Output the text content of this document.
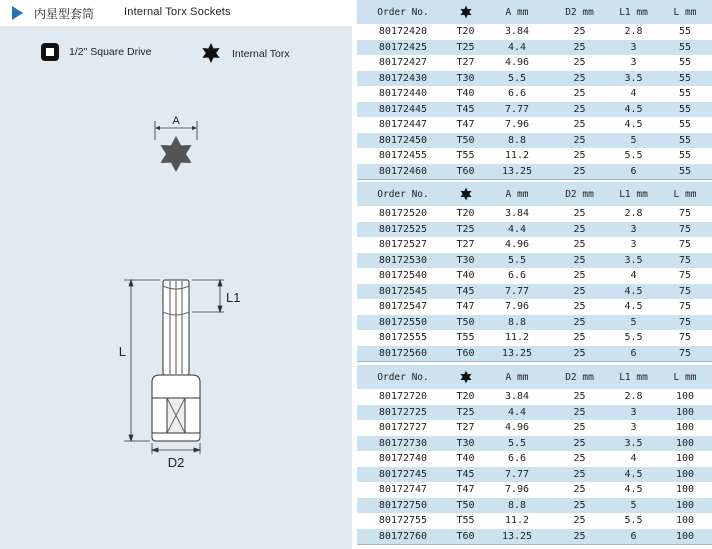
内星型套筒	Internal Torx Sockets
1/2" Square Drive	Internal Torx
A
L1
L
D2
Order No.	A mm	D2 mm	L1 mm	L mm
80172420	T20	3.84	25	2.8	55
80172425	T25	4.4	25	3	55
80172427	T27	4.96	25	3	55
80172430	T30	5.5	25	3.5	55
80172440	T40	6.6	25	4	55
80172445	T45	7.77	25	4.5	55
80172447	T47	7.96	25	4.5	55
80172450	T50	8.8	25	5	55
80172455	T55	11.2	25	5.5	55
80172460	T60	13.25	25	6	55
Order No.	A mm	D2 mm	L1 mm	L mm
80172520	T20	3.84	25	2.8	75
80172525	T25	4.4	25	3	75
80172527	T27	4.96	25	3	75
80172530	T30	5.5	25	3.5	75
80172540	T40	6.6	25	4	75
80172545	T45	7.77	25	4.5	75
80172547	T47	7.96	25	4.5	75
80172550	T50	8.8	25	5	75
80172555	T55	11.2	25	5.5	75
80172560	T60	13.25	25	6	75
Order No.	A mm	D2 mm	L1 mm	L mm
80172720	T20	3.84	25	2.8	100
80172725	T25	4.4	25	3	100
80172727	T27	4.96	25	3	100
80172730	T30	5.5	25	3.5	100
80172740	T40	6.6	25	4	100
80172745	T45	7.77	25	4.5	100
80172747	T47	7.96	25	4.5	100
80172750	T50	8.8	25	5	100
80172755	T55	11.2	25	5.5	100
80172760	T60	13.25	25	6	100
